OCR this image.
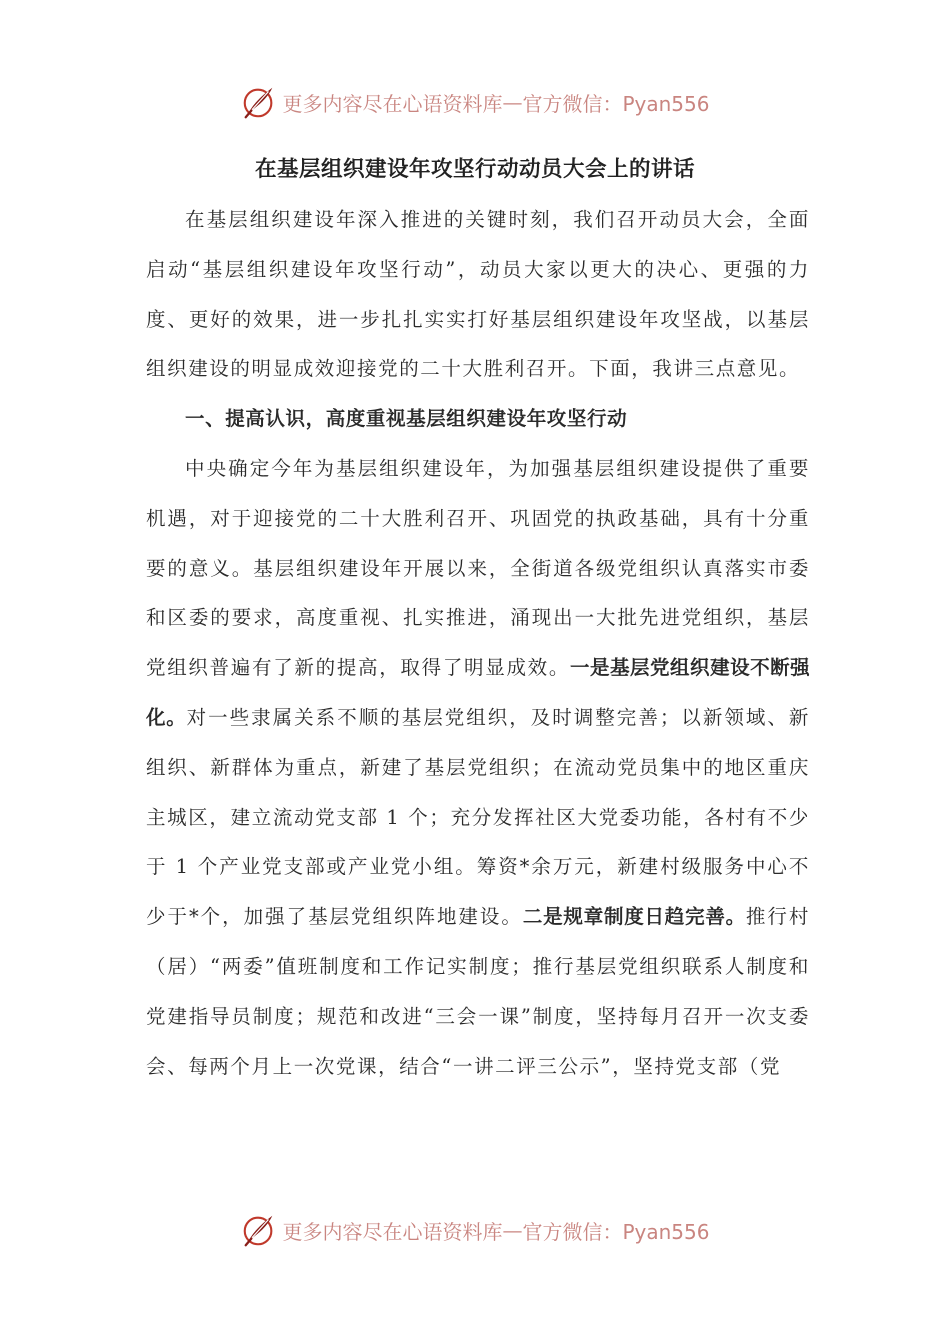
更多内容尽在心语资料库 — 官方微信：Pyan556
在基层组织建设年攻坚行动动员大会上的讲话

在基层组织建设年深入推进的关键时刻，我们召开动员大会，全面启动“基层组织建设年攻坚行动”，动员大家以更大的决心、更强的力度、更好的效果，进一步扎扎实实打好基层组织建设年攻坚战，以基层组织建设的明显成效迎接党的二十大胜利召开。下面，我讲三点意见。

一、提高认识，高度重视基层组织建设年攻坚行动

中央确定今年为基层组织建设年，为加强基层组织建设提供了重要机遇，对于迎接党的二十大胜利召开、巩固党的执政基础，具有十分重要的意义。基层组织建设年开展以来，全街道各级党组织认真落实市委和区委的要求，高度重视、扎实推进，涌现出一大批先进党组织，基层党组织普遍有了新的提高，取得了明显成效。一是基层党组织建设不断强化。对一些隶属关系不顺的基层党组织，及时调整完善；以新领域、新组织、新群体为重点，新建了基层党组织；在流动党员集中的地区重庆主城区，建立流动党支部 1 个；充分发挥社区大党委功能，各村有不少于 1 个产业党支部或产业党小组。筹资*余万元，新建村级服务中心不少于*个，加强了基层党组织阵地建设。二是规章制度日趋完善。推行村（居）“两委”值班制度和工作记实制度；推行基层党组织联系人制度和党建指导员制度；规范和改进“三会一课”制度，坚持每月召开一次支委会、每两个月上一次党课，结合“一讲二评三公示”，坚持党支部（党

更多内容尽在心语资料库 — 官方微信：Pyan556
